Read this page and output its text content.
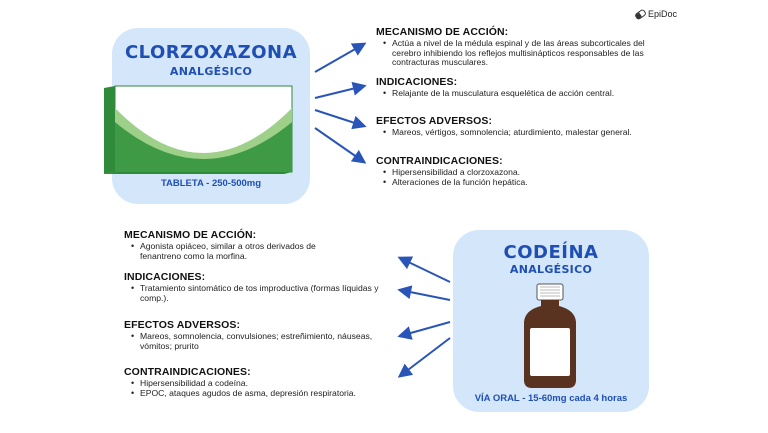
EpiDoc
CLORZOXAZONA
ANALGÉSICO
TABLETA - 250-500mg
CODEÍNA
ANALGÉSICO
VÍA ORAL - 15-60mg cada 4 horas
MECANISMO DE ACCIÓN:
• Actúa a nivel de la médula espinal y de las áreas subcorticales del cerebro inhibiendo los reflejos multisinápticos responsables de las contracturas musculares.
INDICACIONES:
• Relajante de la musculatura esquelética de acción central.
EFECTOS ADVERSOS:
• Mareos, vértigos, somnolencia; aturdimiento, malestar general.
CONTRAINDICACIONES:
• Hipersensibilidad a clorzoxazona.
• Alteraciones de la función hepática.
MECANISMO DE ACCIÓN:
• Agonista opiáceo, similar a otros derivados de fenantreno como la morfina.
INDICACIONES:
• Tratamiento sintomático de tos improductiva (formas líquidas y comp.).
EFECTOS ADVERSOS:
• Mareos, somnolencia, convulsiones; estreñimiento, náuseas, vómitos; prurito
CONTRAINDICACIONES:
• Hipersensibilidad a codeína.
• EPOC, ataques agudos de asma, depresión respiratoria.
